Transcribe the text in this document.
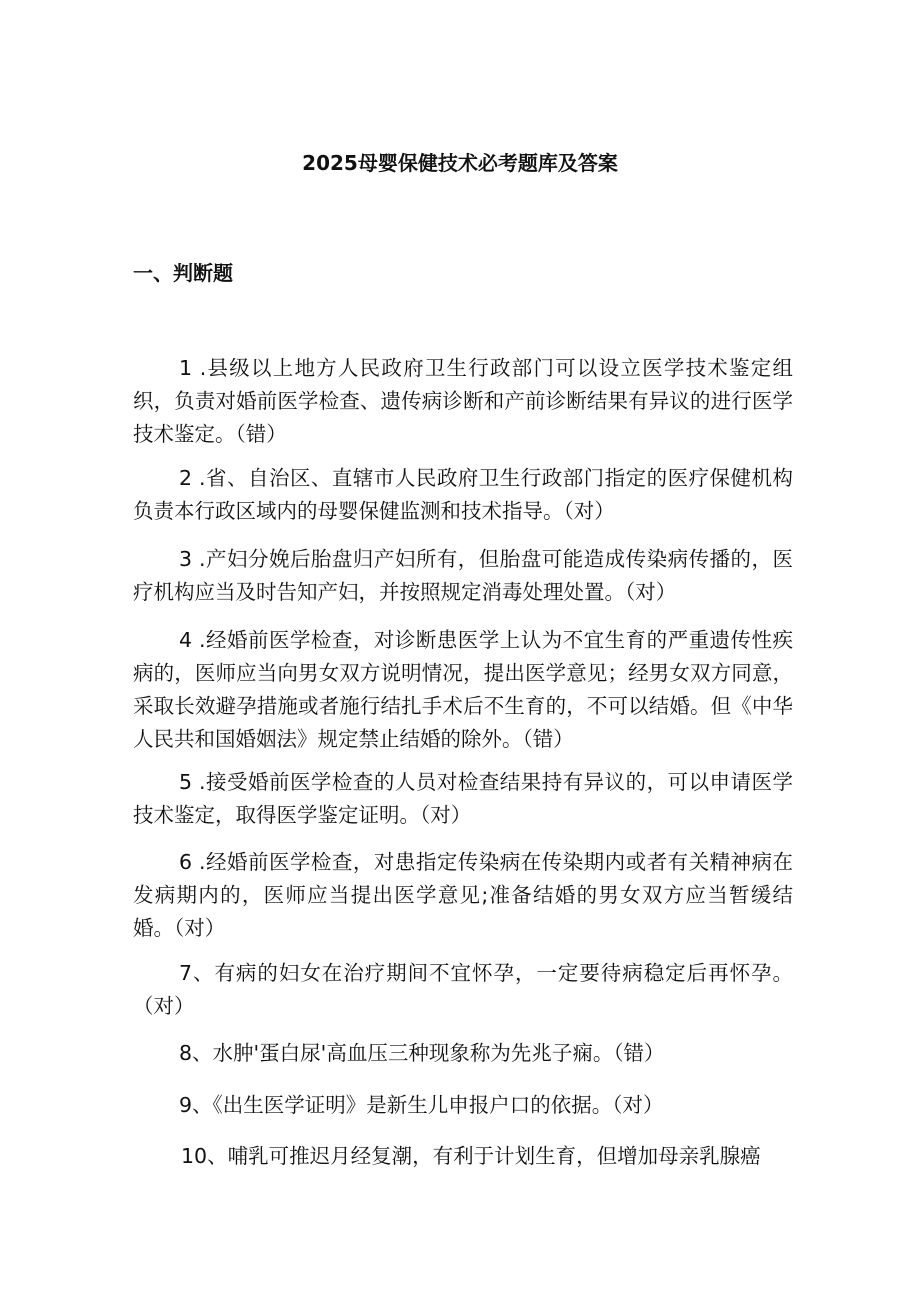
2025母婴保健技术必考题库及答案
一、判断题

1 .县级以上地方人民政府卫生行政部门可以设立医学技术鉴定组织，负责对婚前医学检查、遗传病诊断和产前诊断结果有异议的进行医学技术鉴定。（错）

2 .省、自治区、直辖市人民政府卫生行政部门指定的医疗保健机构负责本行政区域内的母婴保健监测和技术指导。（对）

3 .产妇分娩后胎盘归产妇所有，但胎盘可能造成传染病传播的，医疗机构应当及时告知产妇，并按照规定消毒处理处置。（对）

4 .经婚前医学检查，对诊断患医学上认为不宜生育的严重遗传性疾病的，医师应当向男女双方说明情况，提出医学意见；经男女双方同意，采取长效避孕措施或者施行结扎手术后不生育的，不可以结婚。但《中华人民共和国婚姻法》规定禁止结婚的除外。（错）

5 .接受婚前医学检查的人员对检查结果持有异议的，可以申请医学技术鉴定，取得医学鉴定证明。（对）

6 .经婚前医学检查，对患指定传染病在传染期内或者有关精神病在发病期内的，医师应当提出医学意见;准备结婚的男女双方应当暂缓结婚。（对）

7、有病的妇女在治疗期间不宜怀孕，一定要待病稳定后再怀孕。（对）

8、水肿'蛋白尿'高血压三种现象称为先兆子痫。（错）

9、《出生医学证明》是新生儿申报户口的依据。（对）

10、哺乳可推迟月经复潮，有利于计划生育，但增加母亲乳腺癌
